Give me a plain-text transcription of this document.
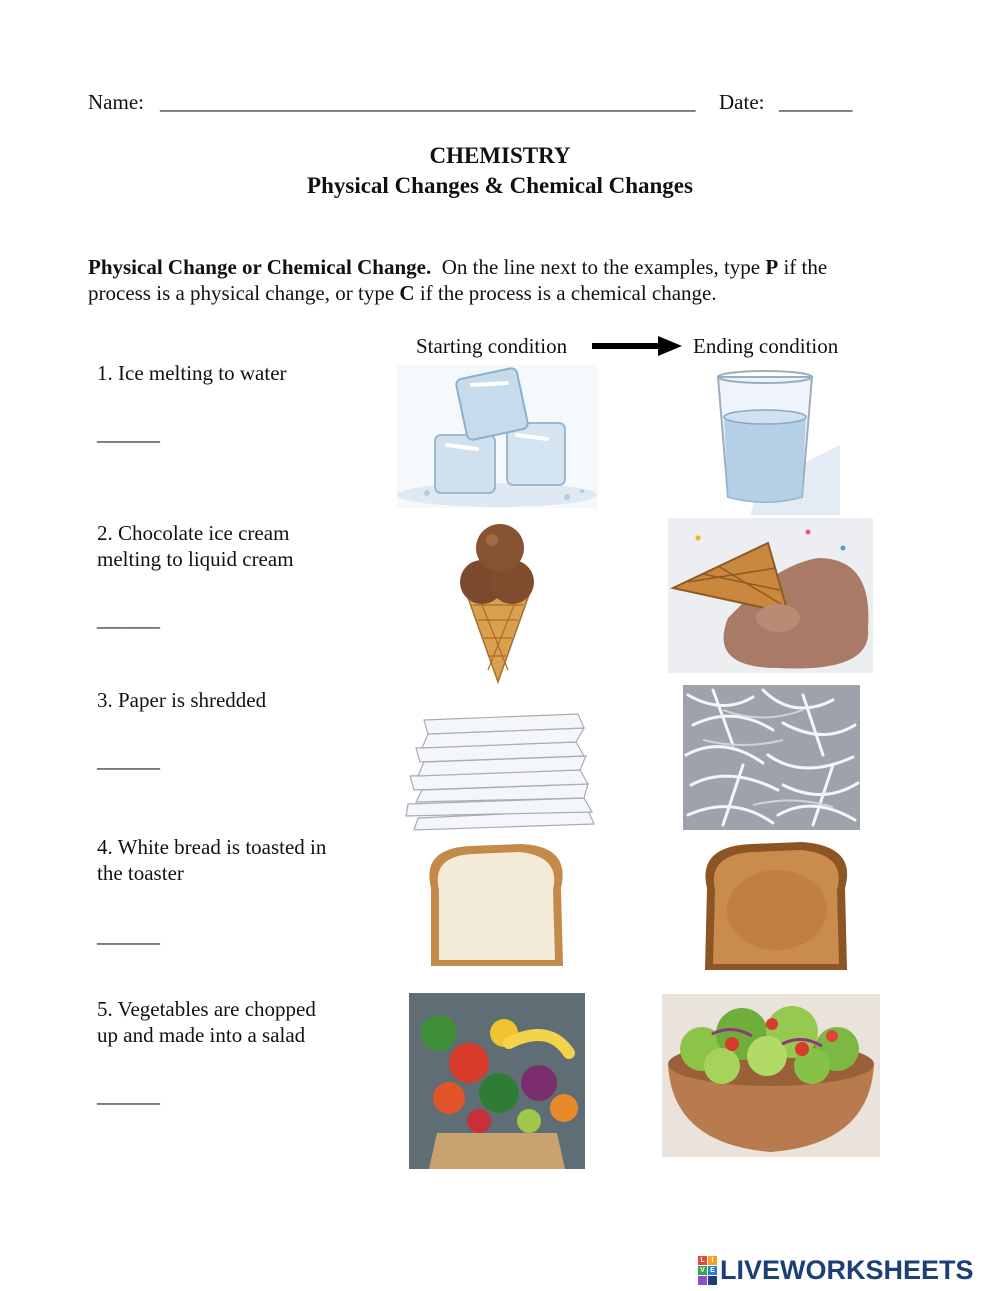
Name: ___________________________________________________ Date: _______
CHEMISTRY
Physical Changes & Chemical Changes
Physical Change or Chemical Change. On the line next to the examples, type P if the
process is a physical change, or type C if the process is a chemical change.
Starting condition	Ending condition
1. Ice melting to water
______
2. Chocolate ice cream
melting to liquid cream
______
3. Paper is shredded
______
4. White bread is toasted in
the toaster
______
5. Vegetables are chopped
up and made into a salad
______
L I
V E LIVEWORKSHEETS
